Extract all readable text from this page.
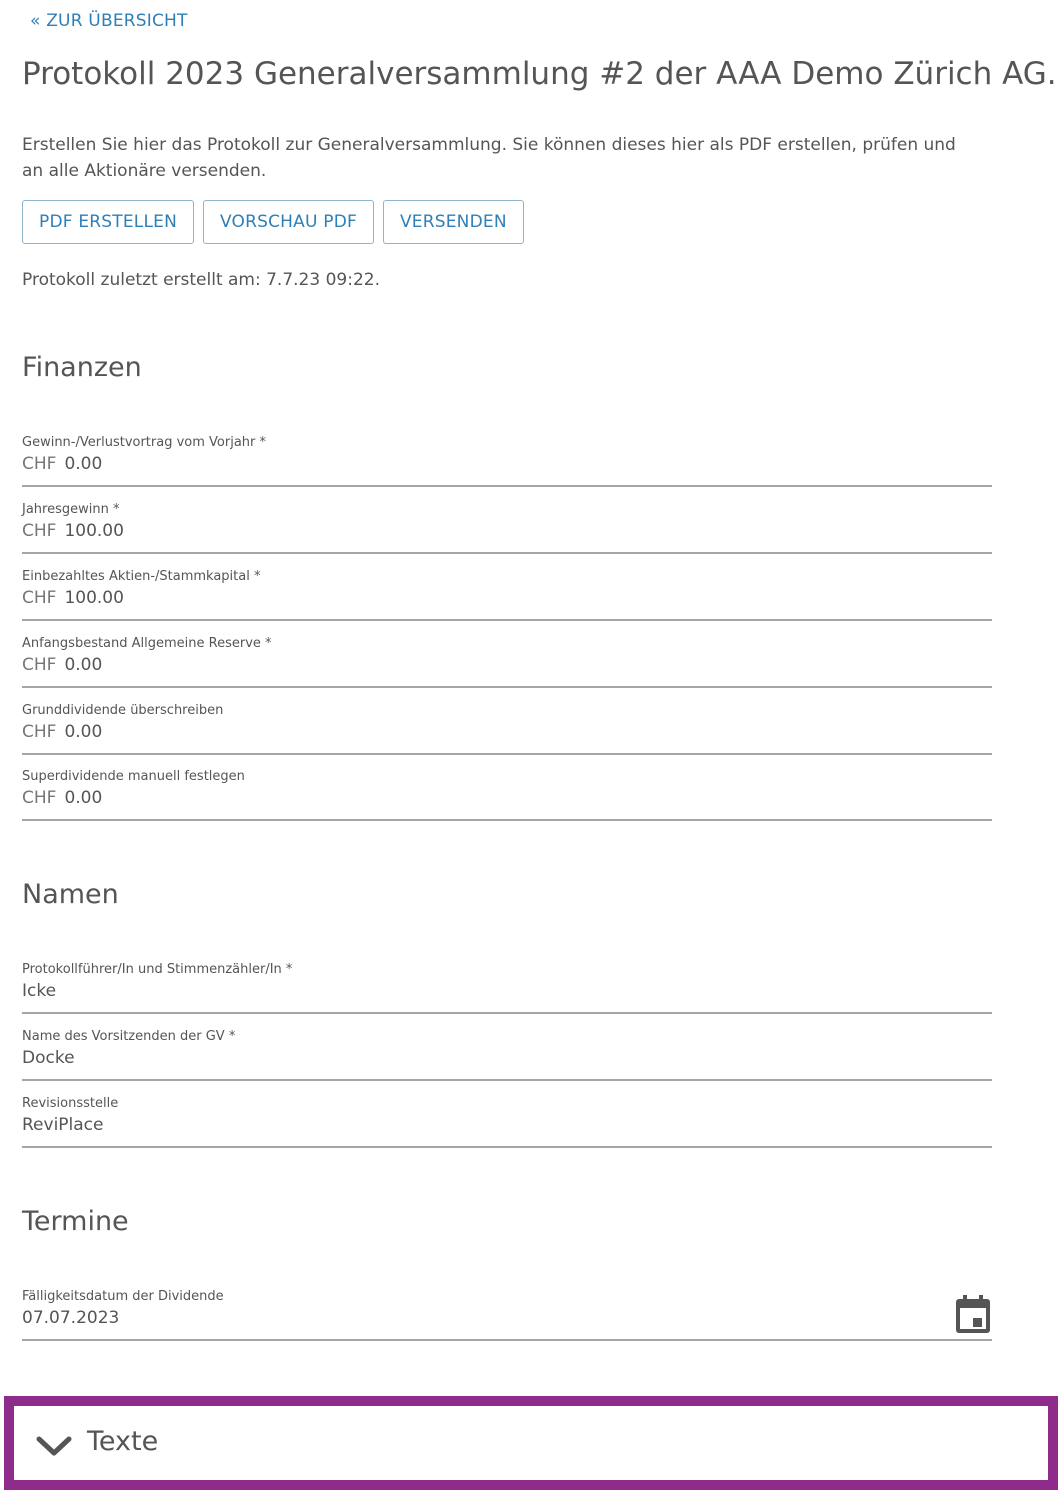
« ZUR ÜBERSICHT
Protokoll 2023 Generalversammlung #2 der AAA Demo Zürich AG.

Erstellen Sie hier das Protokoll zur Generalversammlung. Sie können dieses hier als PDF erstellen, prüfen und an alle Aktionäre versenden.

PDF ERSTELLEN	VORSCHAU PDF	VERSENDEN

Protokoll zuletzt erstellt am: 7.7.23 09:22.

Finanzen
Gewinn-/Verlustvortrag vom Vorjahr *
CHF
0.00
Jahresgewinn *
CHF
100.00
Einbezahltes Aktien-/Stammkapital *
CHF
100.00
Anfangsbestand Allgemeine Reserve *
CHF
0.00
Grunddividende überschreiben
CHF
0.00
Superdividende manuell festlegen
CHF
0.00
Namen
Protokollführer/In und Stimmenzähler/In *
Icke
Name des Vorsitzenden der GV *
Docke
Revisionsstelle
ReviPlace
Termine
Fälligkeitsdatum der Dividende
07.07.2023
Texte
